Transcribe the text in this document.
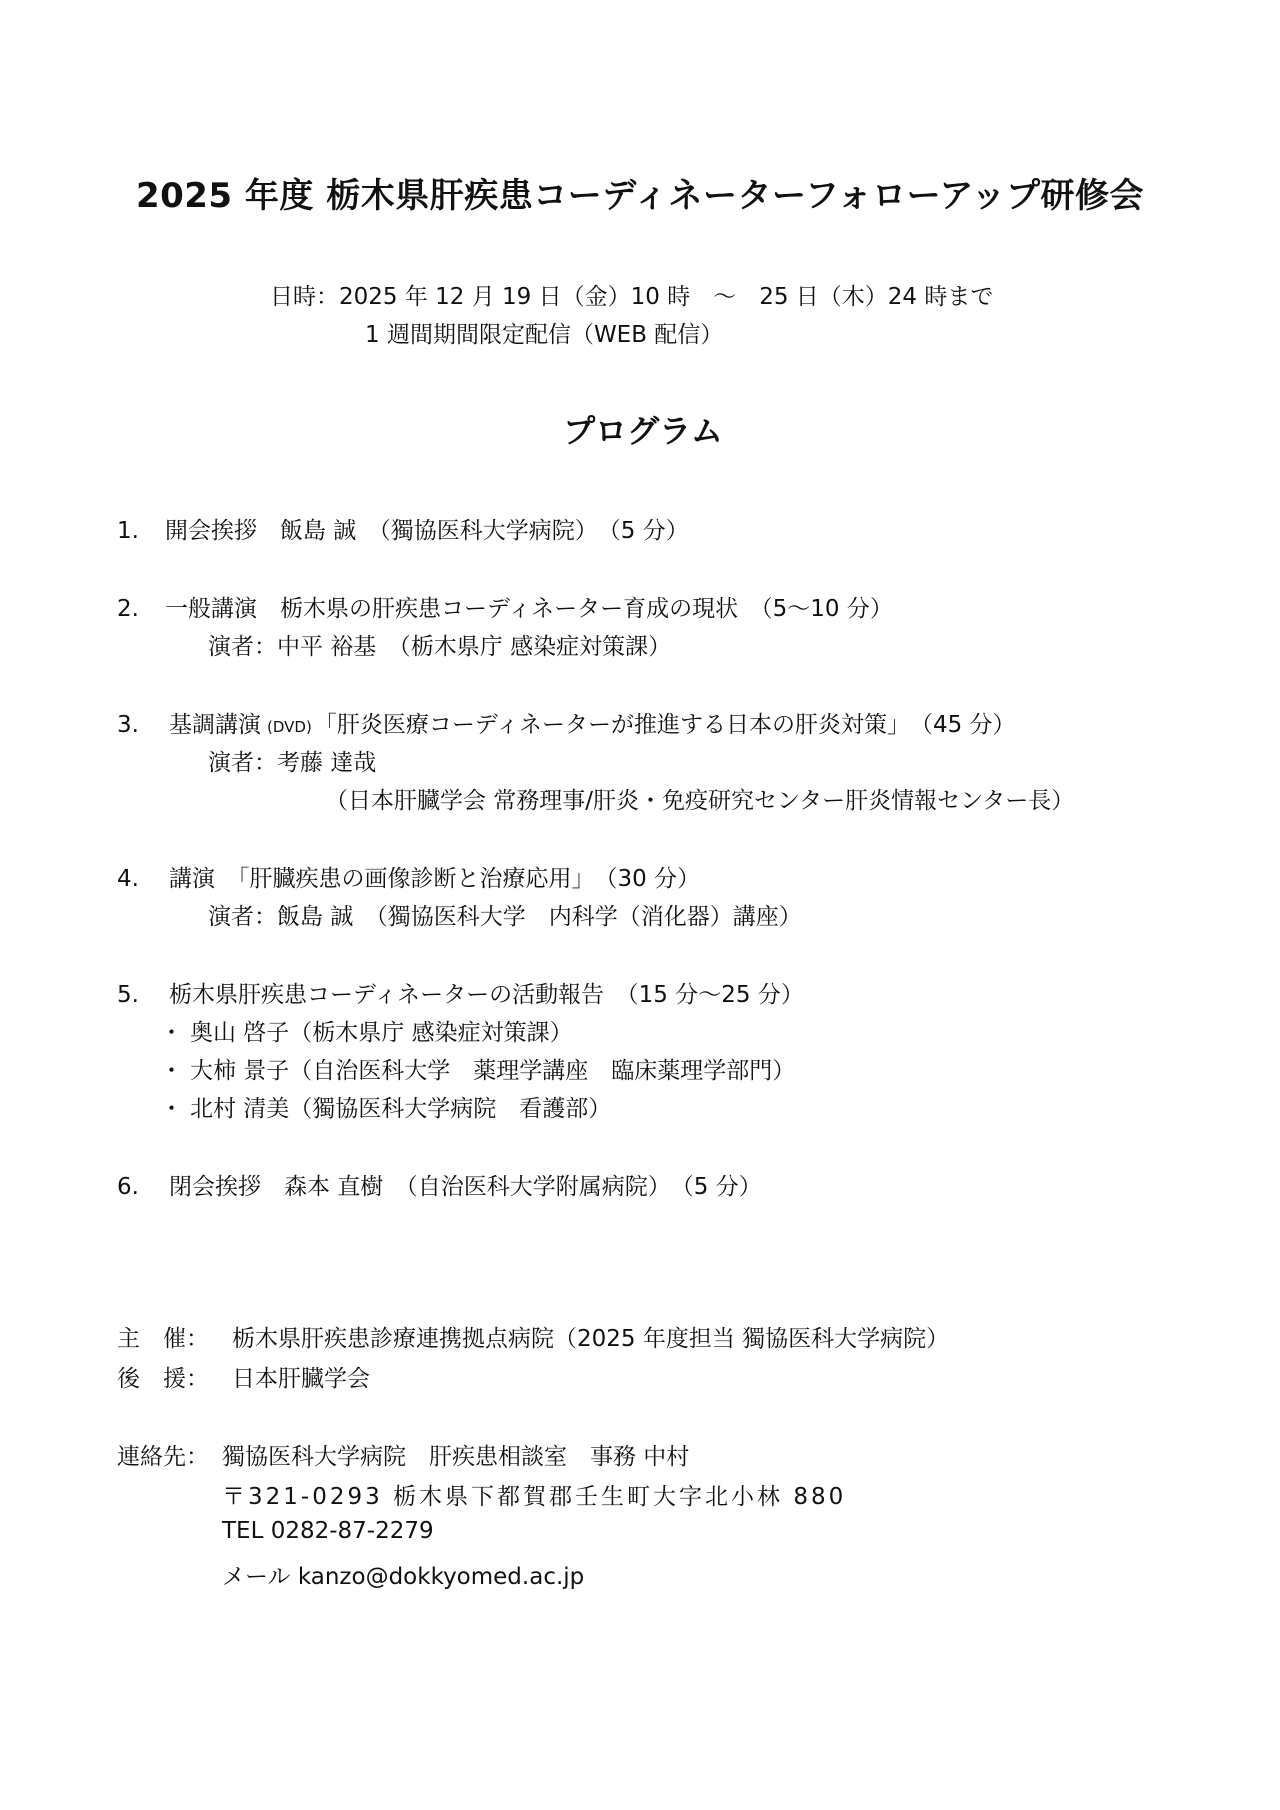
2025 年度 栃木県肝疾患コーディネーターフォローアップ研修会
日時：2025 年 12 月 19 日（金）10 時　～　25 日（木）24 時まで
1 週間期間限定配信（WEB 配信）
プログラム
1. 開会挨拶　飯島 誠　（獨協医科大学病院）　（5 分）
2. 一般講演　栃木県の肝疾患コーディネーター育成の現状　（5～10 分）
演者：中平 裕基　（栃木県庁 感染症対策課）
3. 基調講演 (DVD)「肝炎医療コーディネーターが推進する日本の肝炎対策」　（45 分）
演者：考藤 達哉
（日本肝臓学会 常務理事/肝炎・免疫研究センター肝炎情報センター長）
4. 講演　「肝臓疾患の画像診断と治療応用」　（30 分）
演者：飯島 誠　（獨協医科大学　内科学（消化器）講座）
5. 栃木県肝疾患コーディネーターの活動報告　（15 分～25 分）
・ 奥山 啓子（栃木県庁 感染症対策課）
・ 大柿 景子（自治医科大学　薬理学講座　臨床薬理学部門）
・ 北村 清美（獨協医科大学病院　看護部）
6. 閉会挨拶　森本 直樹　（自治医科大学附属病院）　（5 分）
主　催： 栃木県肝疾患診療連携拠点病院（2025 年度担当 獨協医科大学病院）
後　援： 日本肝臓学会
連絡先： 獨協医科大学病院　肝疾患相談室　事務 中村
〒321-0293 栃木県下都賀郡壬生町大字北小林 880
TEL 0282-87-2279
メール kanzo@dokkyomed.ac.jp
